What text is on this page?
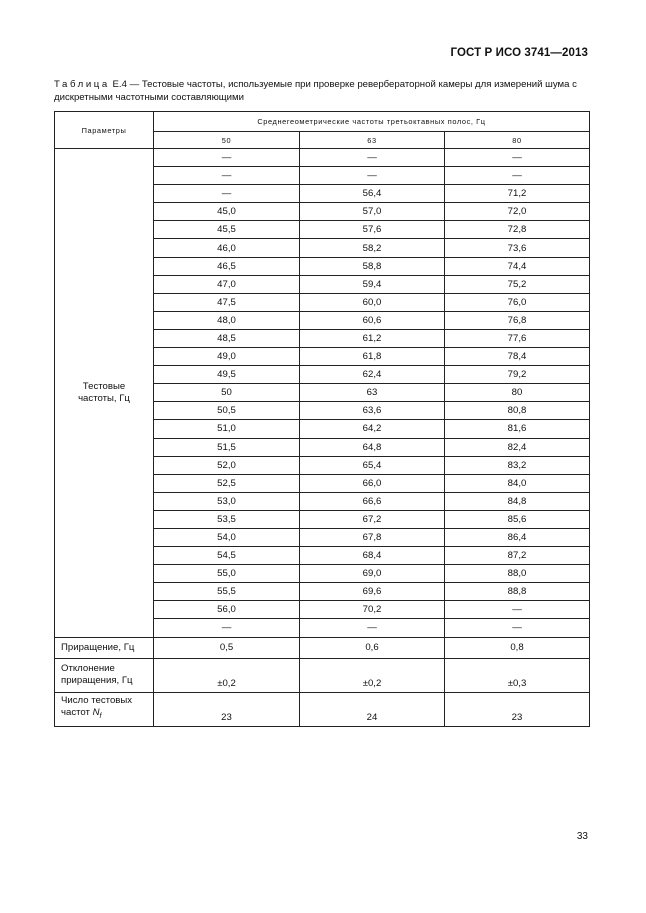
ГОСТ Р ИСО 3741—2013
Таблица Е.4 — Тестовые частоты, используемые при проверке ревербераторной камеры для измерений шума с дискретными частотными составляющими
Параметры	Среднегеометрические частоты третьоктавных полос, Гц		
	50	63	80
Тестовые
частоты, Гц	—	—	—
	—	—	—
	—	56,4	71,2
	45,0	57,0	72,0
	45,5	57,6	72,8
	46,0	58,2	73,6
	46,5	58,8	74,4
	47,0	59,4	75,2
	47,5	60,0	76,0
	48,0	60,6	76,8
	48,5	61,2	77,6
	49,0	61,8	78,4
	49,5	62,4	79,2
	50	63	80
	50,5	63,6	80,8
	51,0	64,2	81,6
	51,5	64,8	82,4
	52,0	65,4	83,2
	52,5	66,0	84,0
	53,0	66,6	84,8
	53,5	67,2	85,6
	54,0	67,8	86,4
	54,5	68,4	87,2
	55,0	69,0	88,0
	55,5	69,6	88,8
	56,0	70,2	—
	—	—	—
Приращение, Гц	0,5	0,6	0,8
Отклонение
приращения, Гц	±0,2	±0,2	±0,3
Число тестовых
частот $N_f$	23	24	23
33
